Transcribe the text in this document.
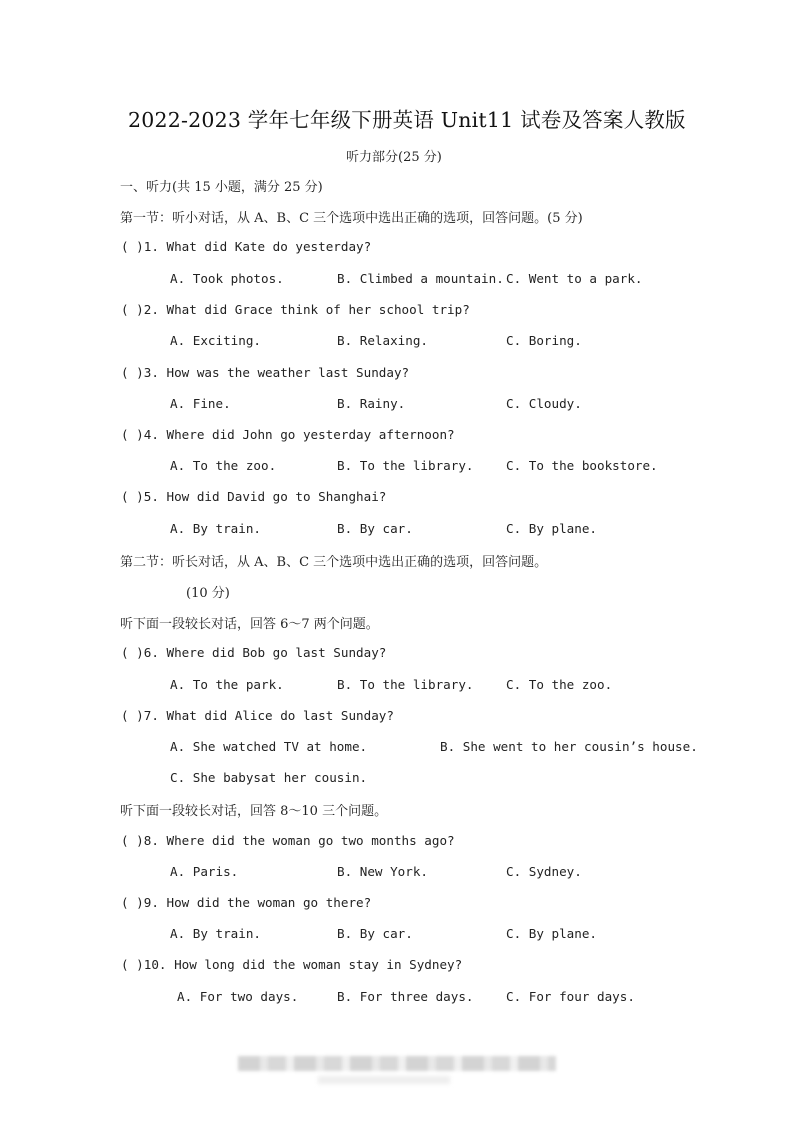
2022-2023 学年七年级下册英语 Unit11 试卷及答案人教版
听力部分(25 分)
一、听力(共 15 小题，满分 25 分)
第一节：听小对话，从 A、B、C 三个选项中选出正确的选项，回答问题。(5 分)
( )1. What did Kate do yesterday?
A. Took photos.	B. Climbed a mountain. C. Went to a park.
( )2. What did Grace think of her school trip?
A. Exciting.	B. Relaxing.	C. Boring.
( )3. How was the weather last Sunday?
A. Fine.	B. Rainy.	C. Cloudy.
( )4. Where did John go yesterday afternoon?
A. To the zoo.	B. To the library.	C. To the bookstore.
( )5. How did David go to Shanghai?
A. By train.	B. By car.	C. By plane.
第二节：听长对话，从 A、B、C 三个选项中选出正确的选项，回答问题。
(10 分)
听下面一段较长对话，回答 6～7 两个问题。
( )6. Where did Bob go last Sunday?
A. To the park.	B. To the library.	C. To the zoo.
( )7. What did Alice do last Sunday?
A. She watched TV at home.	B. She went to her cousin’s house.
C. She babysat her cousin.
听下面一段较长对话，回答 8～10 三个问题。
( )8. Where did the woman go two months ago?
A. Paris.	B. New York.	C. Sydney.
( )9. How did the woman go there?
A. By train.	B. By car.	C. By plane.
( )10. How long did the woman stay in Sydney?
A. For two days.	B. For three days.	C. For four days.
